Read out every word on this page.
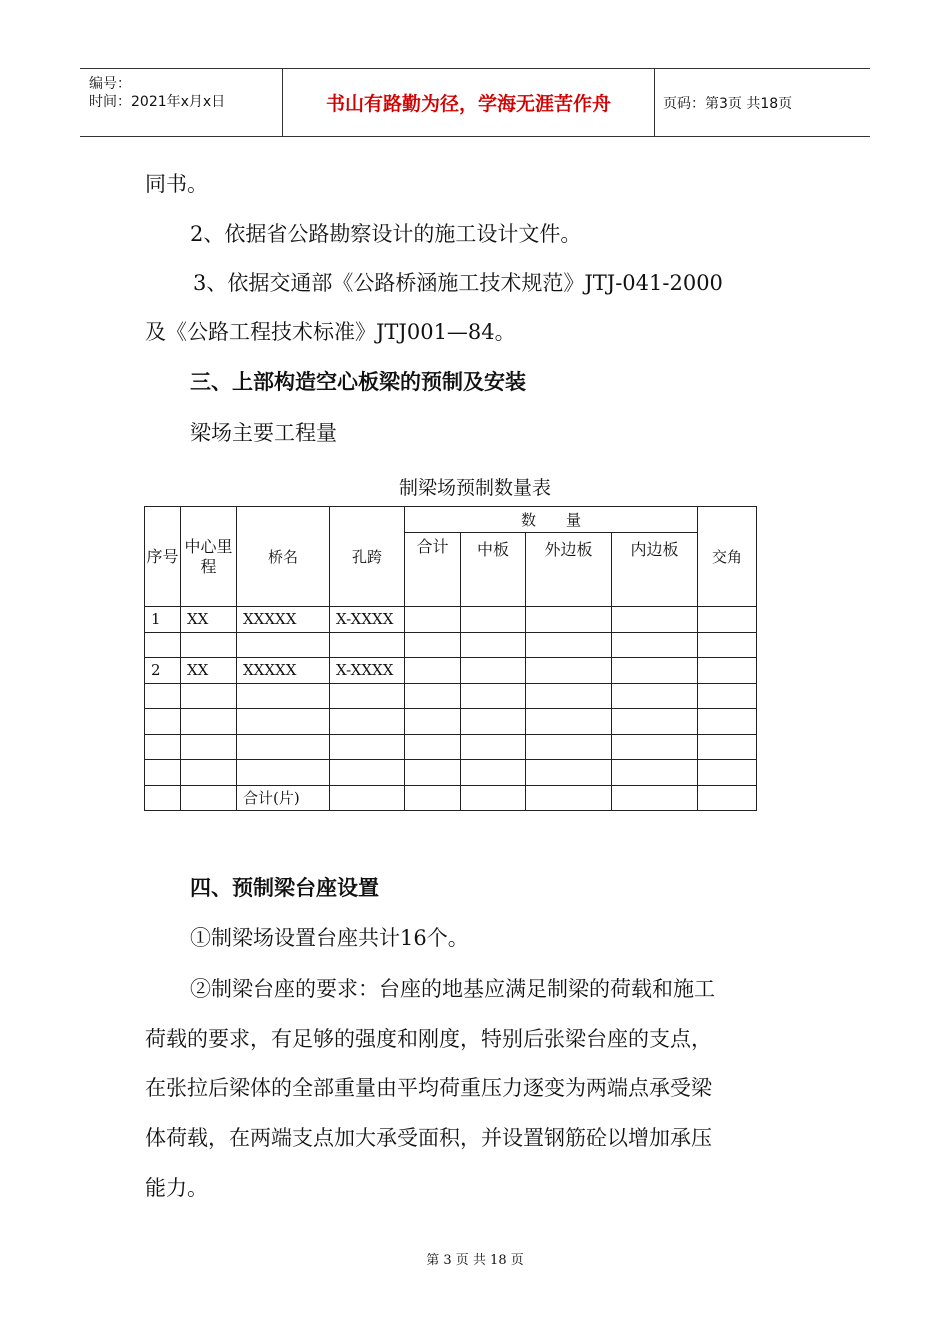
编号：
时间：2021年x月x日	书山有路勤为径，学海无涯苦作舟	页码：第3页 共18页
同书。
2、依据省公路勘察设计的施工设计文件。
3、依据交通部《公路桥涵施工技术规范》JTJ-041-2000
及《公路工程技术标准》JTJ001—84。
三、上部构造空心板梁的预制及安装
梁场主要工程量
制梁场预制数量表
序号	中心里程	桥名	孔跨	数　　量				交角
				合计	中板	外边板	内边板	
1	XX	XXXXX	X-XXXX					

2	XX	XXXXX	X-XXXX					

		合计(片)						
四、预制梁台座设置
①制梁场设置台座共计16个。
②制梁台座的要求：台座的地基应满足制梁的荷载和施工
荷载的要求，有足够的强度和刚度，特别后张梁台座的支点，
在张拉后梁体的全部重量由平均荷重压力逐变为两端点承受梁
体荷载，在两端支点加大承受面积，并设置钢筋砼以增加承压
能力。
第 3 页 共 18 页
